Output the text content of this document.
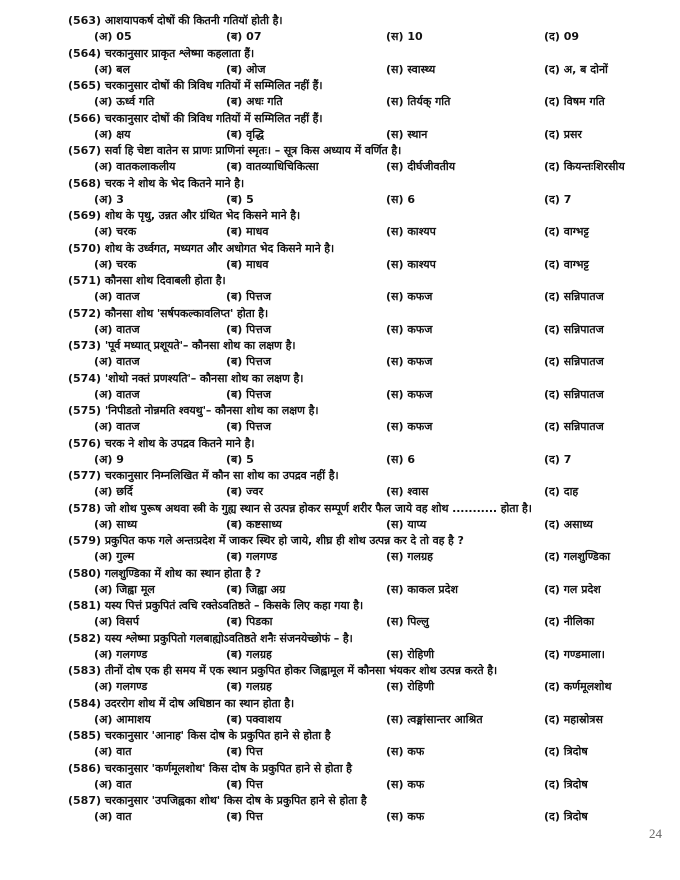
(563) आशयापकर्ष दोषों की कितनी गतियॉ होती है।
(अ) 05	(ब) 07	(स) 10	(द) 09
(564) चरकानुसार प्राकृत श्लेष्मा कहलाता हैं।
(अ) बल	(ब) ओज	(स) स्वास्थ्य	(द) अ, ब दोनों
(565) चरकानुसार दोषों की त्रिविध गतियों में सम्मिलित नहीं हैं।
(अ) ऊर्ध्व गति	(ब) अधः गति	(स) तिर्यक् गति	(द) विषम गति
(566) चरकानुसार दोषों की त्रिविध गतियों में सम्मिलित नहीं हैं।
(अ) क्षय	(ब) वृद्धि	(स) स्थान	(द) प्रसर
(567) सर्वा हि चेष्टा वातेन स प्राणः प्राणिनां स्मृतः। – सूत्र किस अध्याय में वर्णित है।
(अ) वातकलाकलीय	(ब) वातव्याधिचिकित्सा	(स) दीर्घजीवतीय	(द) कियन्तःशिरसीय
(568) चरक ने शोथ के भेद कितने माने है।
(अ) 3	(ब) 5	(स) 6	(द) 7
(569) शोथ के पृथु, उन्नत और ग्रंथित भेद किसने माने है।
(अ) चरक	(ब) माधव	(स) काश्यप	(द) वाग्भट्ट
(570) शोथ के उर्ध्वगत, मध्यगत और अधोगत भेद किसने माने है।
(अ) चरक	(ब) माधव	(स) काश्यप	(द) वाग्भट्ट
(571) कौनसा शोथ दिवाबली होता है।
(अ) वातज	(ब) पित्तज	(स) कफज	(द) सन्निपातज
(572) कौनसा शोथ 'सर्षपकल्कावलिप्त' होता है।
(अ) वातज	(ब) पित्तज	(स) कफज	(द) सन्निपातज
(573) 'पूर्व मध्यात् प्रशूयते'– कौनसा शोथ का लक्षण है।
(अ) वातज	(ब) पित्तज	(स) कफज	(द) सन्निपातज
(574) 'शोथो नक्तं प्रणश्यति'– कौनसा शोथ का लक्षण है।
(अ) वातज	(ब) पित्तज	(स) कफज	(द) सन्निपातज
(575) 'निपीडतो नोन्नमति श्वयथु'– कौनसा शोथ का लक्षण है।
(अ) वातज	(ब) पित्तज	(स) कफज	(द) सन्निपातज
(576) चरक ने शोथ के उपद्रव कितने माने है।
(अ) 9	(ब) 5	(स) 6	(द) 7
(577) चरकानुसार निम्नलिखित में कौन सा शोथ का उपद्रव नहीं है।
(अ) छर्दि	(ब) ज्वर	(स) श्वास	(द) दाह
(578) जो शोथ पुरूष अथवा स्त्री के गुह्य स्थान से उत्पन्न होकर सम्पूर्ण शरीर फैल जाये वह शोथ ........... होता है।
(अ) साध्य	(ब) कष्टसाध्य	(स) याप्य	(द) असाध्य
(579) प्रकुपित कफ गले अन्तःप्रदेश में जाकर स्थिर हो जाये, शीघ्र ही शोथ उत्पन्न कर दे तो वह है ?
(अ) गुल्म	(ब) गलगण्ड	(स) गलग्रह	(द) गलशुण्डिका
(580) गलशुण्डिका में शोथ का स्थान होता है ?
(अ) जिह्वा मूल	(ब) जिह्वा अग्र	(स) काकल प्रदेश	(द) गल प्रदेश
(581) यस्य पित्तं प्रकुपितं त्वचि रक्तेऽवतिष्ठते – किसके लिए कहा गया है।
(अ) विसर्प	(ब) पिडका	(स) पिल्लु	(द) नीलिका
(582) यस्य श्लेष्मा प्रकुपितो गलबाह्योऽवतिष्ठते शनैः संजनयेच्छोफं – है।
(अ) गलगण्ड	(ब) गलग्रह	(स) रोहिणी	(द) गण्डमाला।
(583) तीनों दोष एक ही समय में एक स्थान प्रकुपित होकर जिह्वामूल में कौनसा भंयकर शोथ उत्पन्न करते है।
(अ) गलगण्ड	(ब) गलग्रह	(स) रोहिणी	(द) कर्णमूलशोथ
(584) उदररोग शोथ में दोष अधिष्ठान का स्थान होता है।
(अ) आमाशय	(ब) पक्वाशय	(स) त्वङ्मांसान्तर आश्रित	(द) महास्रोत्रस
(585) चरकानुसार 'आनाह' किस दोष के प्रकुपित हाने से होता है
(अ) वात	(ब) पित्त	(स) कफ	(द) त्रिदोष
(586) चरकानुसार 'कर्णमूलशोथ' किस दोष के प्रकुपित हाने से होता है
(अ) वात	(ब) पित्त	(स) कफ	(द) त्रिदोष
(587) चरकानुसार 'उपजिह्वका शोथ' किस दोष के प्रकुपित हाने से होता है
(अ) वात	(ब) पित्त	(स) कफ	(द) त्रिदोष
24
